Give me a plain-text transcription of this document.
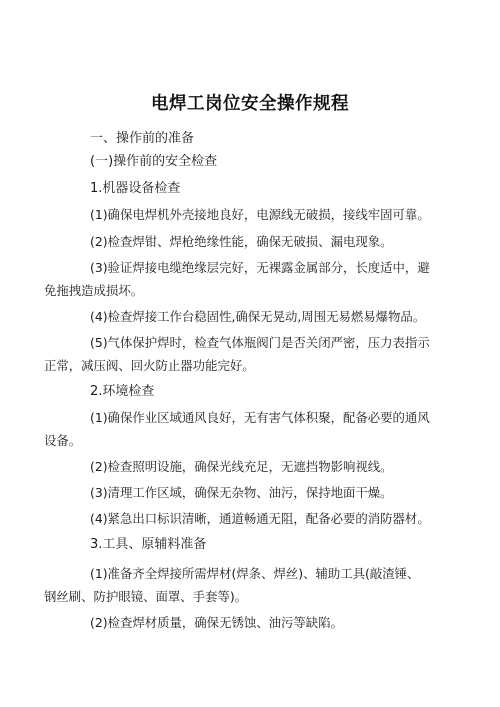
电焊工岗位安全操作规程
一、操作前的准备
(一)操作前的安全检查
1.机器设备检查
(1)确保电焊机外壳接地良好，电源线无破损，接线牢固可靠。
(2)检查焊钳、焊枪绝缘性能，确保无破损、漏电现象。
(3)验证焊接电缆绝缘层完好，无裸露金属部分，长度适中，避
免拖拽造成损坏。
(4)检查焊接工作台稳固性,确保无晃动,周围无易燃易爆物品。
(5)气体保护焊时，检查气体瓶阀门是否关闭严密，压力表指示
正常，减压阀、回火防止器功能完好。
2.环境检查
(1)确保作业区域通风良好，无有害气体积聚，配备必要的通风
设备。
(2)检查照明设施，确保光线充足，无遮挡物影响视线。
(3)清理工作区域，确保无杂物、油污，保持地面干燥。
(4)紧急出口标识清晰，通道畅通无阻，配备必要的消防器材。
3.工具、原辅料准备
(1)准备齐全焊接所需焊材(焊条、焊丝)、辅助工具(敲渣锤、
钢丝刷、防护眼镜、面罩、手套等)。
(2)检查焊材质量，确保无锈蚀、油污等缺陷。
